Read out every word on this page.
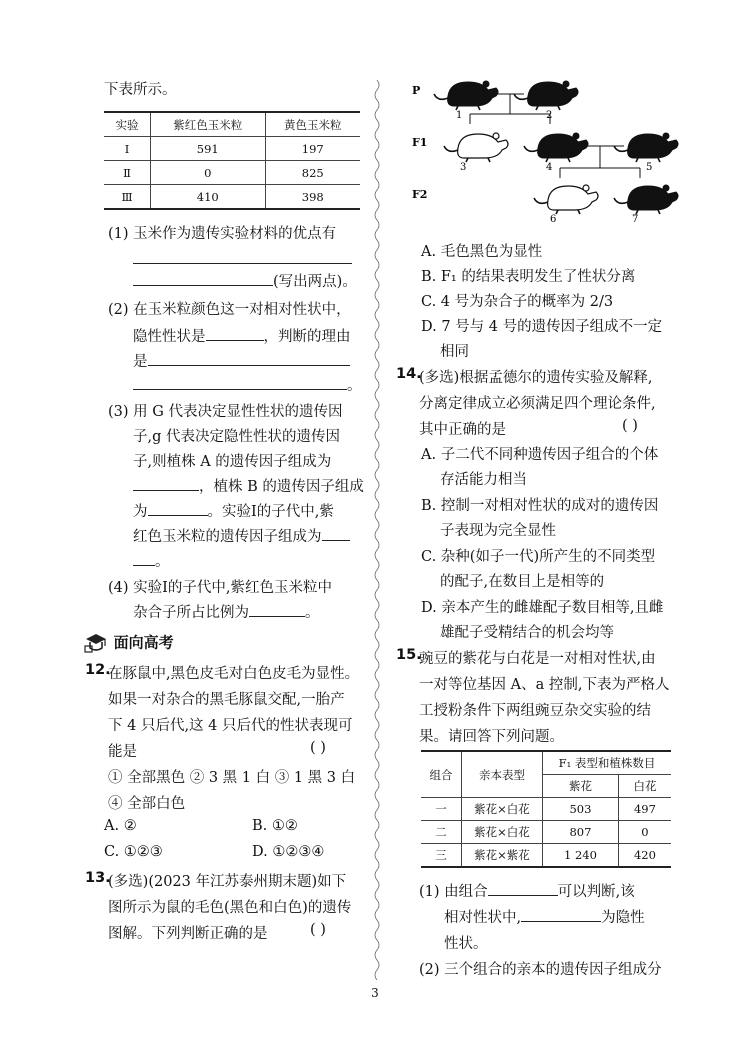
下表所示。
实验	紫红色玉米粒	黄色玉米粒
Ⅰ	591	197
Ⅱ	0	825
Ⅲ	410	398
(1) 玉米作为遗传实验材料的优点有
(写出两点)。
(2) 在玉米粒颜色这一对相对性状中，
隐性性状是	，判断的理由
是
。
(3) 用 G 代表决定显性性状的遗传因
子,g 代表决定隐性性状的遗传因
子,则植株 A 的遗传因子组成为
，植株 B 的遗传因子组成
为	。实验Ⅰ的子代中,紫
红色玉米粒的遗传因子组成为
。
(4) 实验Ⅰ的子代中,紫红色玉米粒中
杂合子所占比例为	。
面向高考
12.
在豚鼠中,黑色皮毛对白色皮毛为显性。
如果一对杂合的黑毛豚鼠交配,一胎产
下 4 只后代,这 4 只后代的性状表现可
能是	( )
① 全部黑色 ② 3 黑 1 白 ③ 1 黑 3 白
④ 全部白色
A. ②	B. ①②
C. ①②③	D. ①②③④
13.
(多选)(2023 年江苏泰州期末题)如下
图所示为鼠的毛色(黑色和白色)的遗传
图解。下列判断正确的是	( )
P
F1
F2
1	2
3	4	5
6	7
A. 毛色黑色为显性
B. F₁ 的结果表明发生了性状分离
C. 4 号为杂合子的概率为 2/3
D. 7 号与 4 号的遗传因子组成不一定
相同
14.
(多选)根据孟德尔的遗传实验及解释,
分离定律成立必须满足四个理论条件,
其中正确的是	( )
A. 子二代不同种遗传因子组合的个体
存活能力相当
B. 控制一对相对性状的成对的遗传因
子表现为完全显性
C. 杂种(如子一代)所产生的不同类型
的配子,在数目上是相等的
D. 亲本产生的雌雄配子数目相等,且雌
雄配子受精结合的机会均等
15.
豌豆的紫花与白花是一对相对性状,由
一对等位基因 A、a 控制,下表为严格人
工授粉条件下两组豌豆杂交实验的结
果。请回答下列问题。
组合	亲本表型	F₁ 表型和植株数目	
		紫花	白花
一	紫花×白花	503	497
二	紫花×白花	807	0
三	紫花×紫花	1 240	420
(1) 由组合	可以判断,该
相对性状中,	为隐性
性状。
(2) 三个组合的亲本的遗传因子组成分
3
